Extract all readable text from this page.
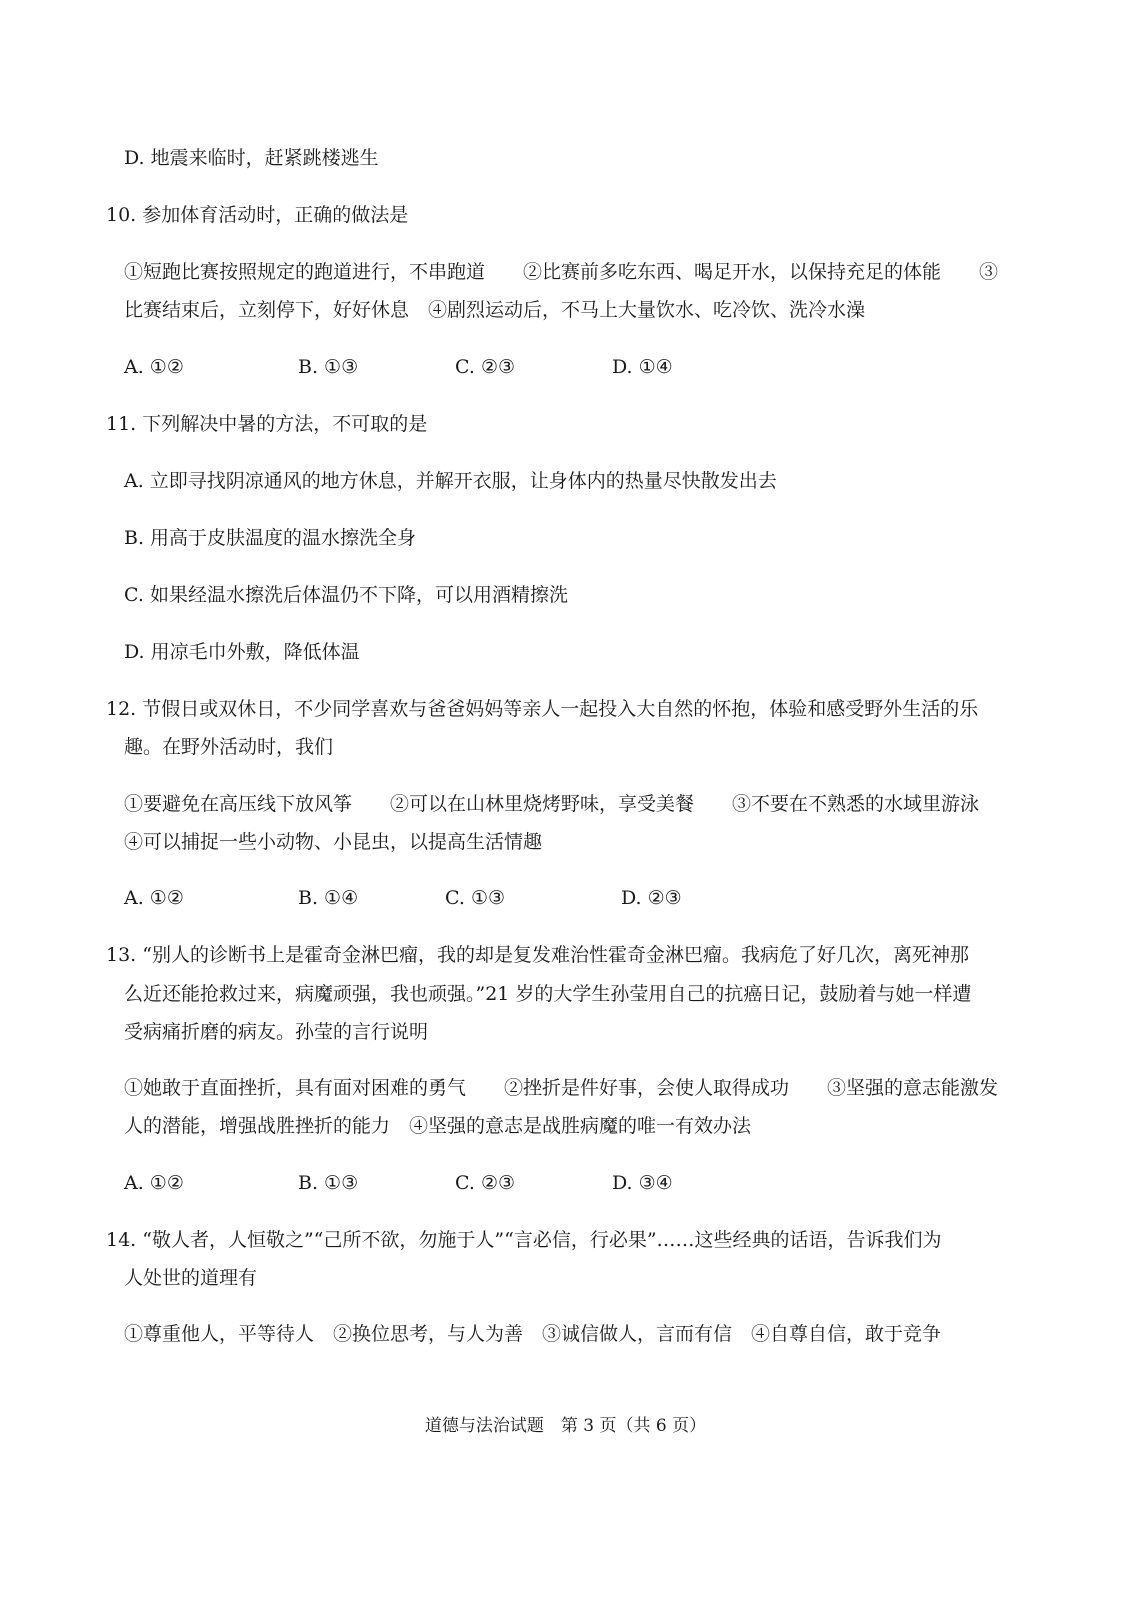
D. 地震来临时，赶紧跳楼逃生
10. 参加体育活动时，正确的做法是
①短跑比赛按照规定的跑道进行，不串跑道　　②比赛前多吃东西、喝足开水，以保持充足的体能　　③
比赛结束后，立刻停下，好好休息　④剧烈运动后，不马上大量饮水、吃冷饮、洗冷水澡
A. ①②	B. ①③	C. ②③	D. ①④
11. 下列解决中暑的方法，不可取的是
A. 立即寻找阴凉通风的地方休息，并解开衣服，让身体内的热量尽快散发出去
B. 用高于皮肤温度的温水擦洗全身
C. 如果经温水擦洗后体温仍不下降，可以用酒精擦洗
D. 用凉毛巾外敷，降低体温
12. 节假日或双休日，不少同学喜欢与爸爸妈妈等亲人一起投入大自然的怀抱，体验和感受野外生活的乐
趣。在野外活动时，我们
①要避免在高压线下放风筝　　②可以在山林里烧烤野味，享受美餐　　③不要在不熟悉的水域里游泳
④可以捕捉一些小动物、小昆虫，以提高生活情趣
A. ①②	B. ①④	C. ①③	D. ②③
13. “别人的诊断书上是霍奇金淋巴瘤，我的却是复发难治性霍奇金淋巴瘤。我病危了好几次，离死神那
么近还能抢救过来，病魔顽强，我也顽强。”21 岁的大学生孙莹用自己的抗癌日记，鼓励着与她一样遭
受病痛折磨的病友。孙莹的言行说明
①她敢于直面挫折，具有面对困难的勇气　　②挫折是件好事，会使人取得成功　　③坚强的意志能激发
人的潜能，增强战胜挫折的能力　④坚强的意志是战胜病魔的唯一有效办法
A. ①②	B. ①③	C. ②③	D. ③④
14. “敬人者，人恒敬之”“己所不欲，勿施于人”“言必信，行必果”……这些经典的话语，告诉我们为
人处世的道理有
①尊重他人，平等待人　②换位思考，与人为善　③诚信做人，言而有信　④自尊自信，敢于竞争
道德与法治试题　第 3 页（共 6 页）
